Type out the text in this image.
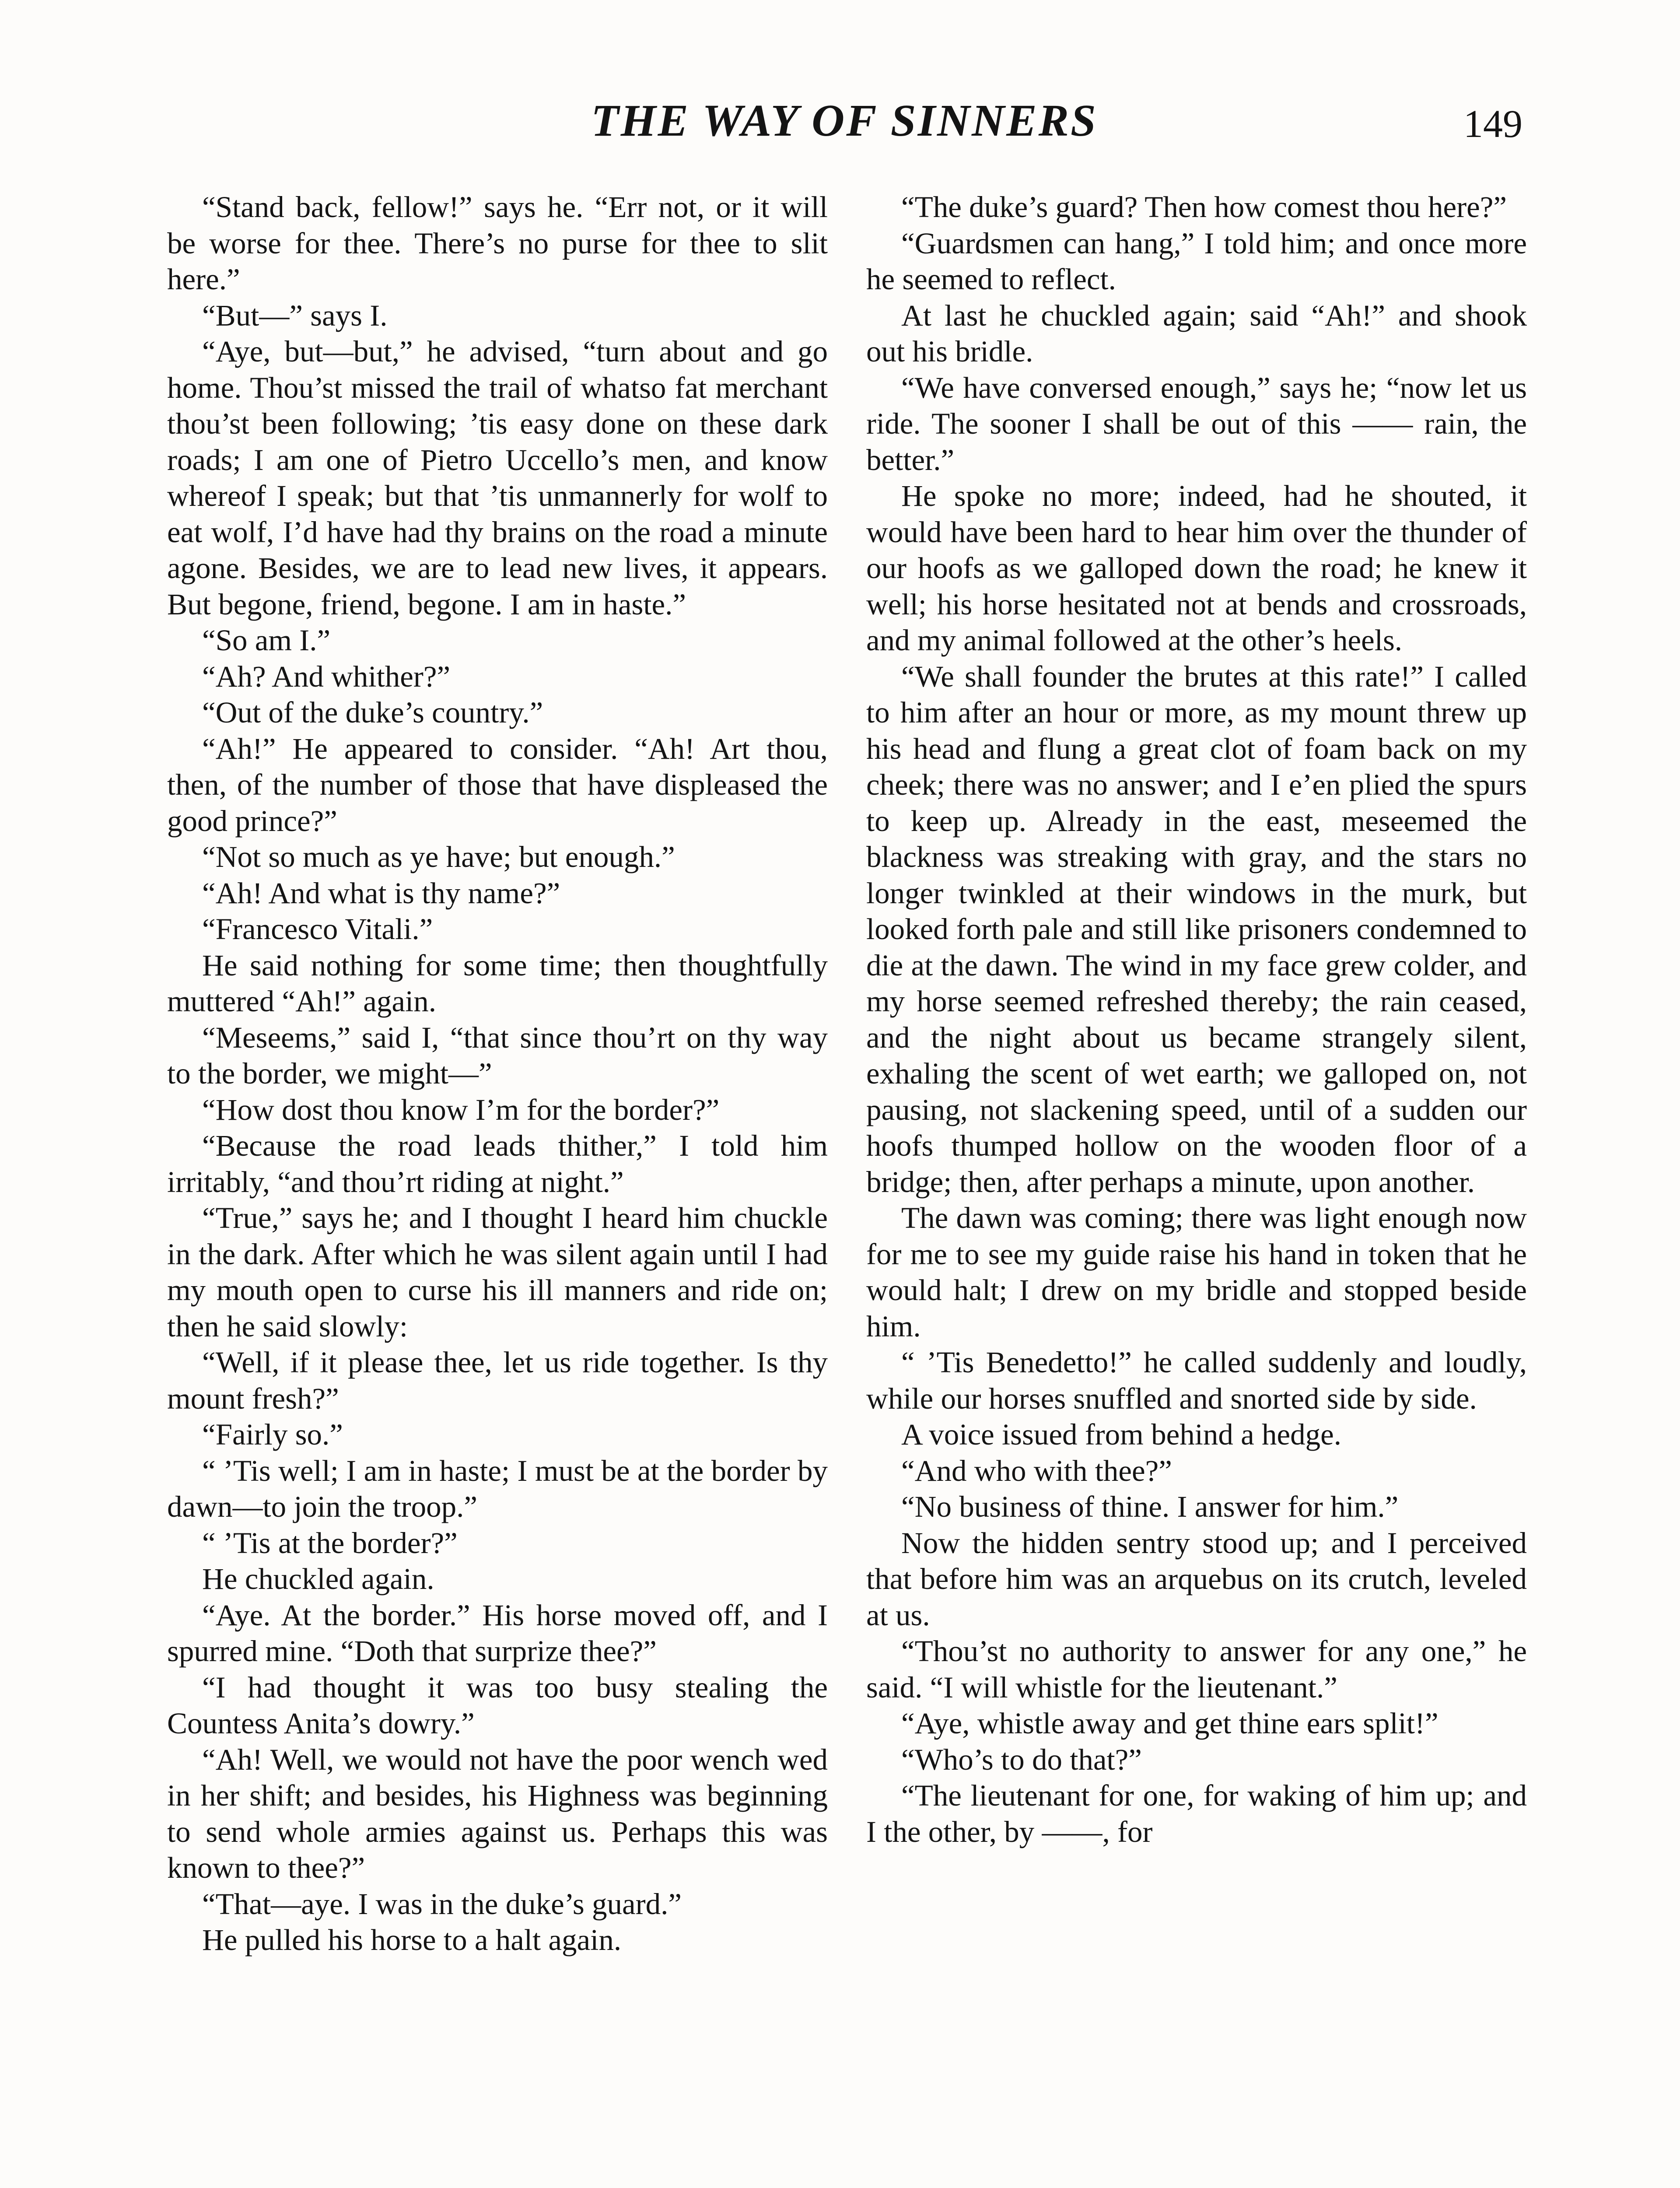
THE WAY OF SINNERS	149

“Stand back, fellow!” says he. “Err not, or it will be worse for thee. There’s no purse for thee to slit here.”

“But—” says I.

“Aye, but—but,” he advised, “turn about and go home. Thou’st missed the trail of whatso fat merchant thou’st been following; ’tis easy done on these dark roads; I am one of Pietro Uccello’s men, and know whereof I speak; but that ’tis unmannerly for wolf to eat wolf, I’d have had thy brains on the road a minute agone. Besides, we are to lead new lives, it appears. But begone, friend, begone. I am in haste.”

“So am I.”

“Ah? And whither?”

“Out of the duke’s country.”

“Ah!” He appeared to consider. “Ah! Art thou, then, of the number of those that have displeased the good prince?”

“Not so much as ye have; but enough.”

“Ah! And what is thy name?”

“Francesco Vitali.”

He said nothing for some time; then thoughtfully muttered “Ah!” again.

“Meseems,” said I, “that since thou’rt on thy way to the border, we might—”

“How dost thou know I’m for the border?”

“Because the road leads thither,” I told him irritably, “and thou’rt riding at night.”

“True,” says he; and I thought I heard him chuckle in the dark. After which he was silent again until I had my mouth open to curse his ill manners and ride on; then he said slowly:

“Well, if it please thee, let us ride together. Is thy mount fresh?”

“Fairly so.”

“ ’Tis well; I am in haste; I must be at the border by dawn—to join the troop.”

“ ’Tis at the border?”

He chuckled again.

“Aye. At the border.” His horse moved off, and I spurred mine. “Doth that surprize thee?”

“I had thought it was too busy stealing the Countess Anita’s dowry.”

“Ah! Well, we would not have the poor wench wed in her shift; and besides, his Highness was beginning to send whole armies against us. Perhaps this was known to thee?”

“That—aye. I was in the duke’s guard.”

He pulled his horse to a halt again.

“The duke’s guard? Then how comest thou here?”

“Guardsmen can hang,” I told him; and once more he seemed to reflect.

At last he chuckled again; said “Ah!” and shook out his bridle.

“We have conversed enough,” says he; “now let us ride. The sooner I shall be out of this —— rain, the better.”

He spoke no more; indeed, had he shouted, it would have been hard to hear him over the thunder of our hoofs as we galloped down the road; he knew it well; his horse hesitated not at bends and crossroads, and my animal followed at the other’s heels.

“We shall founder the brutes at this rate!” I called to him after an hour or more, as my mount threw up his head and flung a great clot of foam back on my cheek; there was no answer; and I e’en plied the spurs to keep up. Already in the east, meseemed the blackness was streaking with gray, and the stars no longer twinkled at their windows in the murk, but looked forth pale and still like prisoners condemned to die at the dawn. The wind in my face grew colder, and my horse seemed refreshed thereby; the rain ceased, and the night about us became strangely silent, exhaling the scent of wet earth; we galloped on, not pausing, not slackening speed, until of a sudden our hoofs thumped hollow on the wooden floor of a bridge; then, after perhaps a minute, upon another.

The dawn was coming; there was light enough now for me to see my guide raise his hand in token that he would halt; I drew on my bridle and stopped beside him.

“ ’Tis Benedetto!” he called suddenly and loudly, while our horses snuffled and snorted side by side.

A voice issued from behind a hedge.

“And who with thee?”

“No business of thine. I answer for him.”

Now the hidden sentry stood up; and I perceived that before him was an arquebus on its crutch, leveled at us.

“Thou’st no authority to answer for any one,” he said. “I will whistle for the lieutenant.”

“Aye, whistle away and get thine ears split!”

“Who’s to do that?”

“The lieutenant for one, for waking of him up; and I the other, by ——, for
